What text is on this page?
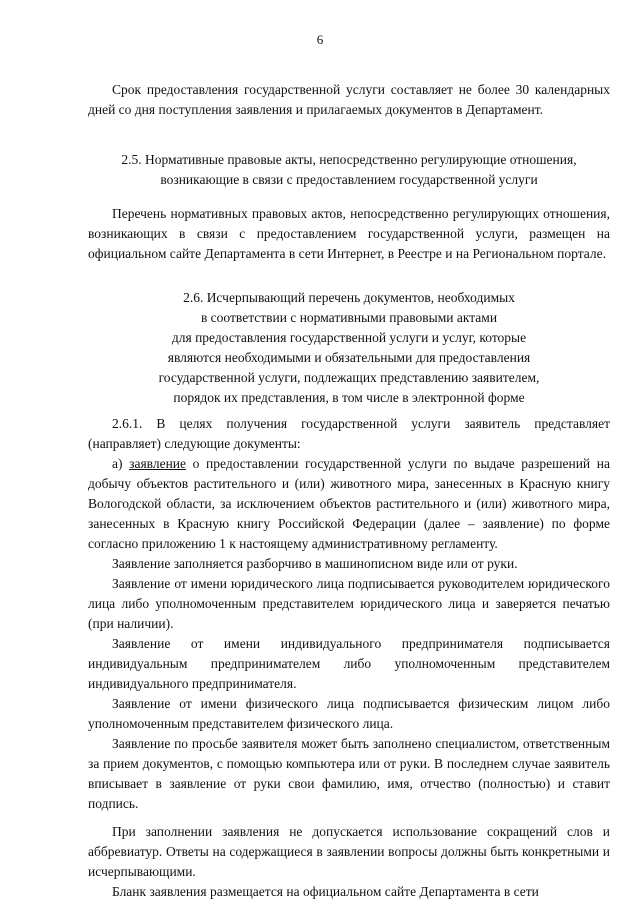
6

Срок предоставления государственной услуги составляет не более 30 календарных дней со дня поступления заявления и прилагаемых документов в Департамент.

2.5. Нормативные правовые акты, непосредственно регулирующие отношения,

возникающие в связи с предоставлением государственной услуги

Перечень нормативных правовых актов, непосредственно регулирующих отношения, возникающих в связи с предоставлением государственной услуги, размещен на официальном сайте Департамента в сети Интернет, в Реестре и на Региональном портале.

2.6. Исчерпывающий перечень документов, необходимых

в соответствии с нормативными правовыми актами

для предоставления государственной услуги и услуг, которые

являются необходимыми и обязательными для предоставления

государственной услуги, подлежащих представлению заявителем,

порядок их представления, в том числе в электронной форме

2.6.1. В целях получения государственной услуги заявитель представляет (направляет) следующие документы:

а) заявление о предоставлении государственной услуги по выдаче разрешений на добычу объектов растительного и (или) животного мира, занесенных в Красную книгу Вологодской области, за исключением объектов растительного и (или) животного мира, занесенных в Красную книгу Российской Федерации (далее – заявление) по форме согласно приложению 1 к настоящему административному регламенту.

Заявление заполняется разборчиво в машинописном виде или от руки.

Заявление от имени юридического лица подписывается руководителем юридического лица либо уполномоченным представителем юридического лица и заверяется печатью (при наличии).

Заявление от имени индивидуального предпринимателя подписывается индивидуальным предпринимателем либо уполномоченным представителем индивидуального предпринимателя.

Заявление от имени физического лица подписывается физическим лицом либо уполномоченным представителем физического лица.

Заявление по просьбе заявителя может быть заполнено специалистом, ответственным за прием документов, с помощью компьютера или от руки. В последнем случае заявитель вписывает в заявление от руки свои фамилию, имя, отчество (полностью) и ставит подпись.

При заполнении заявления не допускается использование сокращений слов и аббревиатур. Ответы на содержащиеся в заявлении вопросы должны быть конкретными и исчерпывающими.

Бланк заявления размещается на официальном сайте Департамента в сети
